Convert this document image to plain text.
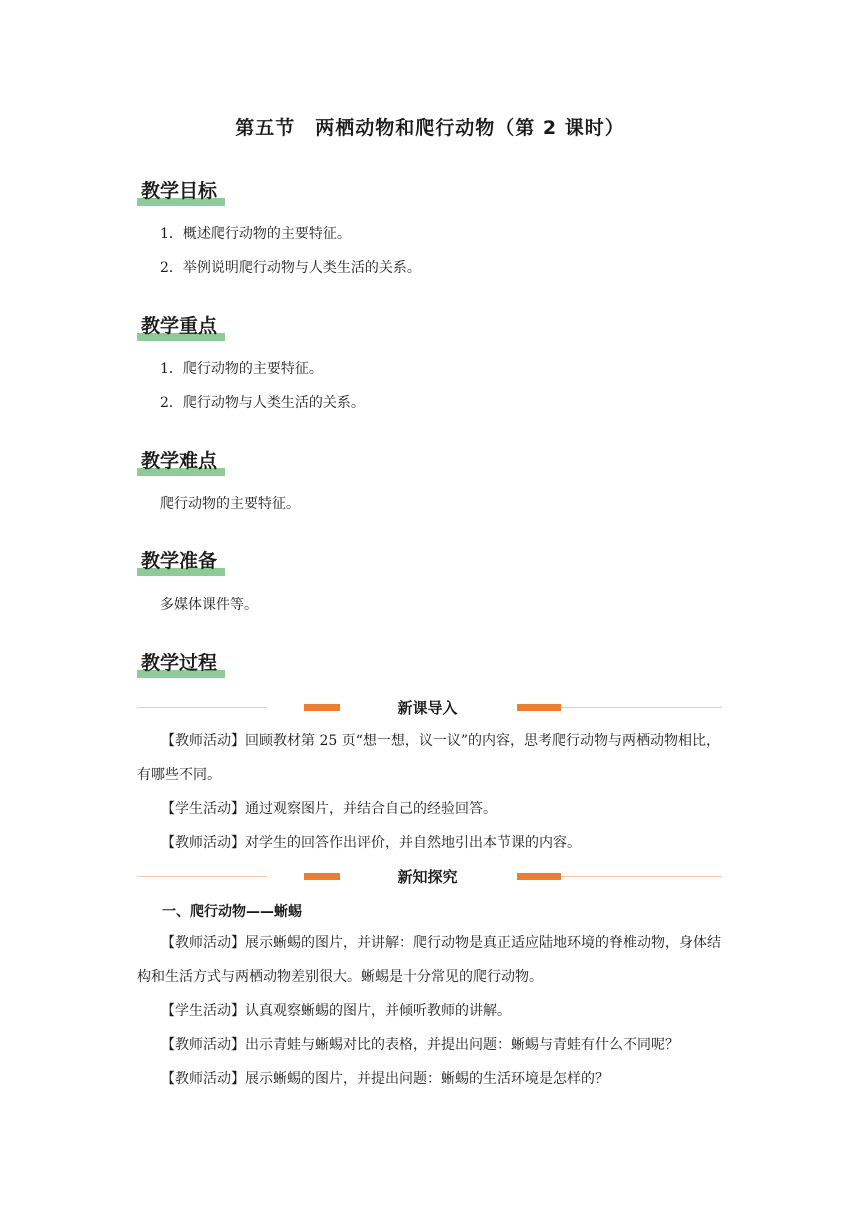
第五节　两栖动物和爬行动物（第 2 课时）
教学目标
1．概述爬行动物的主要特征。
2．举例说明爬行动物与人类生活的关系。
教学重点
1．爬行动物的主要特征。
2．爬行动物与人类生活的关系。
教学难点
爬行动物的主要特征。
教学准备
多媒体课件等。
教学过程
新课导入
【教师活动】回顾教材第 25 页“想一想，议一议”的内容，思考爬行动物与两栖动物相比，有哪些不同。
【学生活动】通过观察图片，并结合自己的经验回答。
【教师活动】对学生的回答作出评价，并自然地引出本节课的内容。
新知探究
一、爬行动物——蜥蜴
【教师活动】展示蜥蜴的图片，并讲解：爬行动物是真正适应陆地环境的脊椎动物，身体结构和生活方式与两栖动物差别很大。蜥蜴是十分常见的爬行动物。
【学生活动】认真观察蜥蜴的图片，并倾听教师的讲解。
【教师活动】出示青蛙与蜥蜴对比的表格，并提出问题：蜥蜴与青蛙有什么不同呢？
【教师活动】展示蜥蜴的图片，并提出问题：蜥蜴的生活环境是怎样的？
